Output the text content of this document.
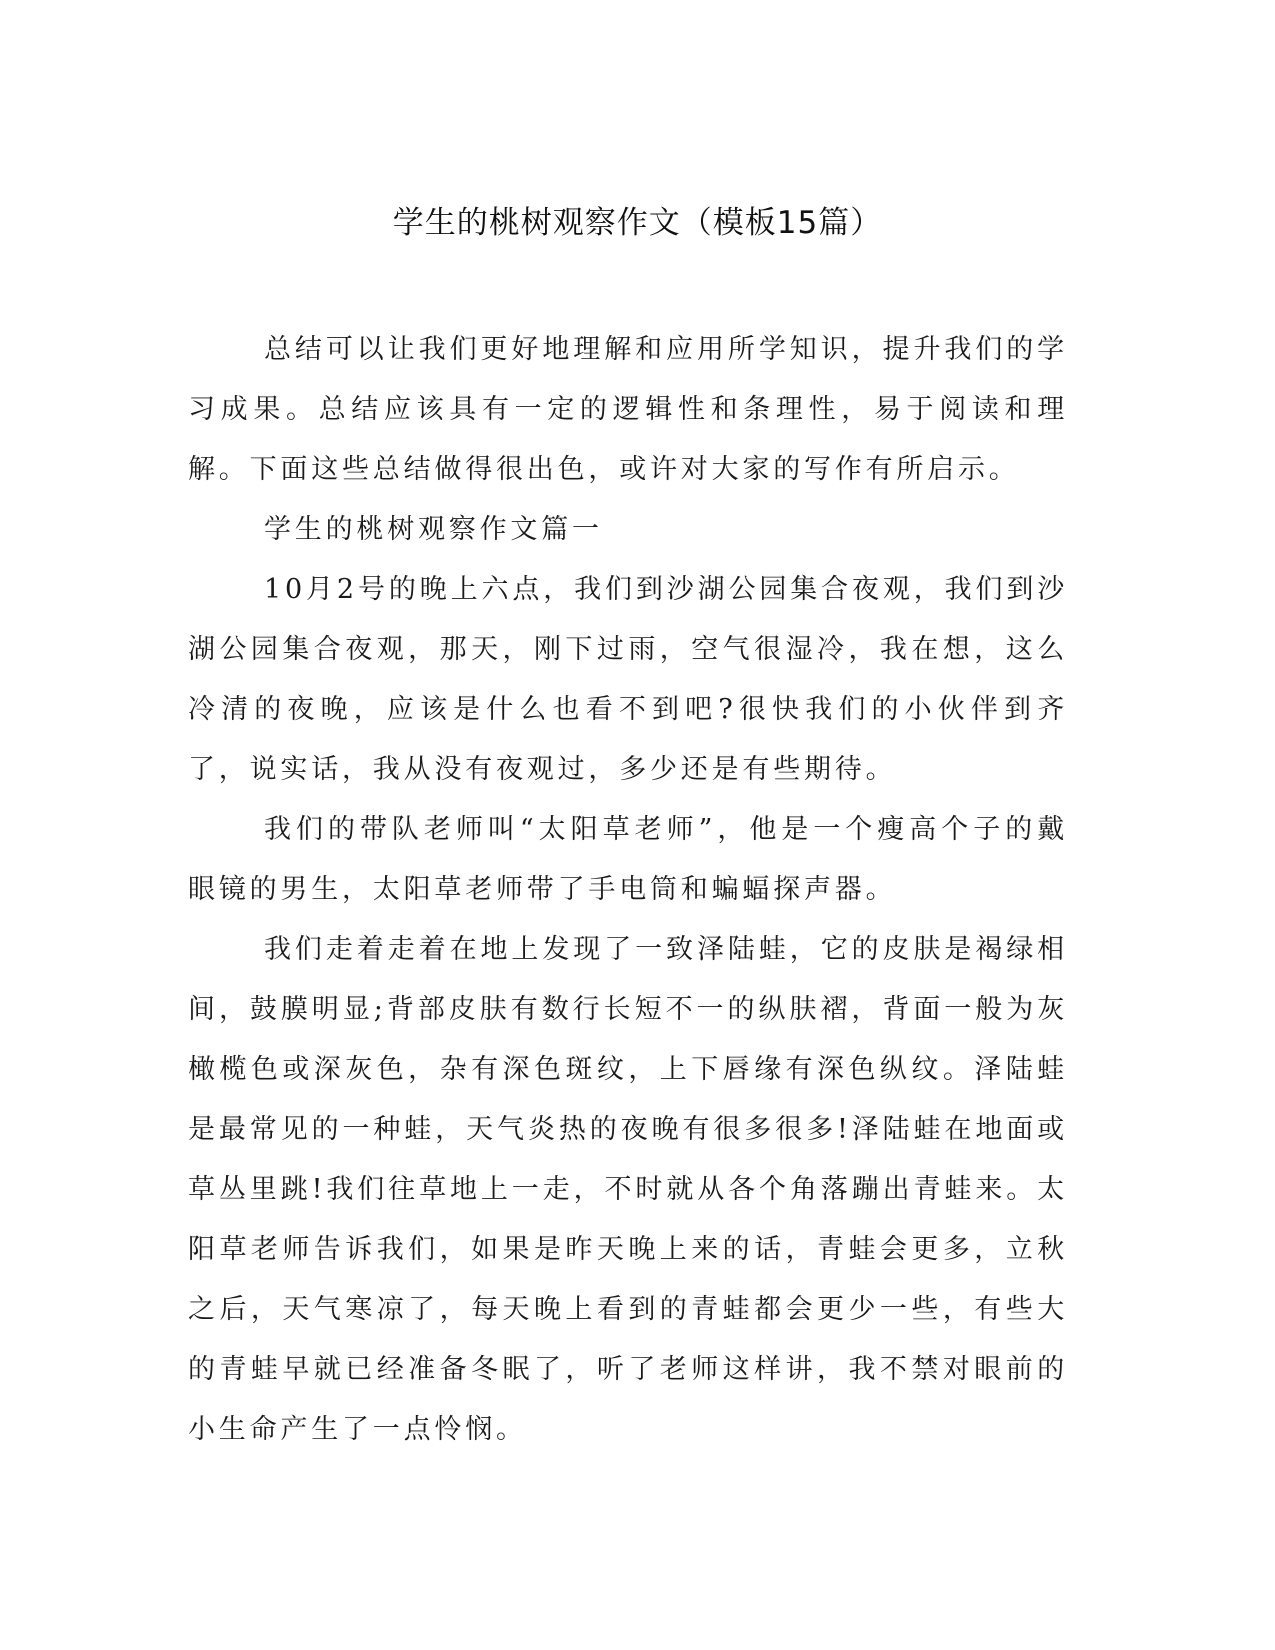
学生的桃树观察作文（模板15篇）

总结可以让我们更好地理解和应用所学知识，提升我们的学习成果。总结应该具有一定的逻辑性和条理性，易于阅读和理解。下面这些总结做得很出色，或许对大家的写作有所启示。

学生的桃树观察作文篇一

10月2号的晚上六点，我们到沙湖公园集合夜观，我们到沙湖公园集合夜观，那天，刚下过雨，空气很湿冷，我在想，这么冷清的夜晚，应该是什么也看不到吧?很快我们的小伙伴到齐了，说实话，我从没有夜观过，多少还是有些期待。

我们的带队老师叫“太阳草老师”，他是一个瘦高个子的戴眼镜的男生，太阳草老师带了手电筒和蝙蝠探声器。

我们走着走着在地上发现了一致泽陆蛙，它的皮肤是褐绿相间，鼓膜明显;背部皮肤有数行长短不一的纵肤褶，背面一般为灰橄榄色或深灰色，杂有深色斑纹，上下唇缘有深色纵纹。泽陆蛙是最常见的一种蛙，天气炎热的夜晚有很多很多!泽陆蛙在地面或草丛里跳!我们往草地上一走，不时就从各个角落蹦出青蛙来。太阳草老师告诉我们，如果是昨天晚上来的话，青蛙会更多，立秋之后，天气寒凉了，每天晚上看到的青蛙都会更少一些，有些大的青蛙早就已经准备冬眠了，听了老师这样讲，我不禁对眼前的小生命产生了一点怜悯。
